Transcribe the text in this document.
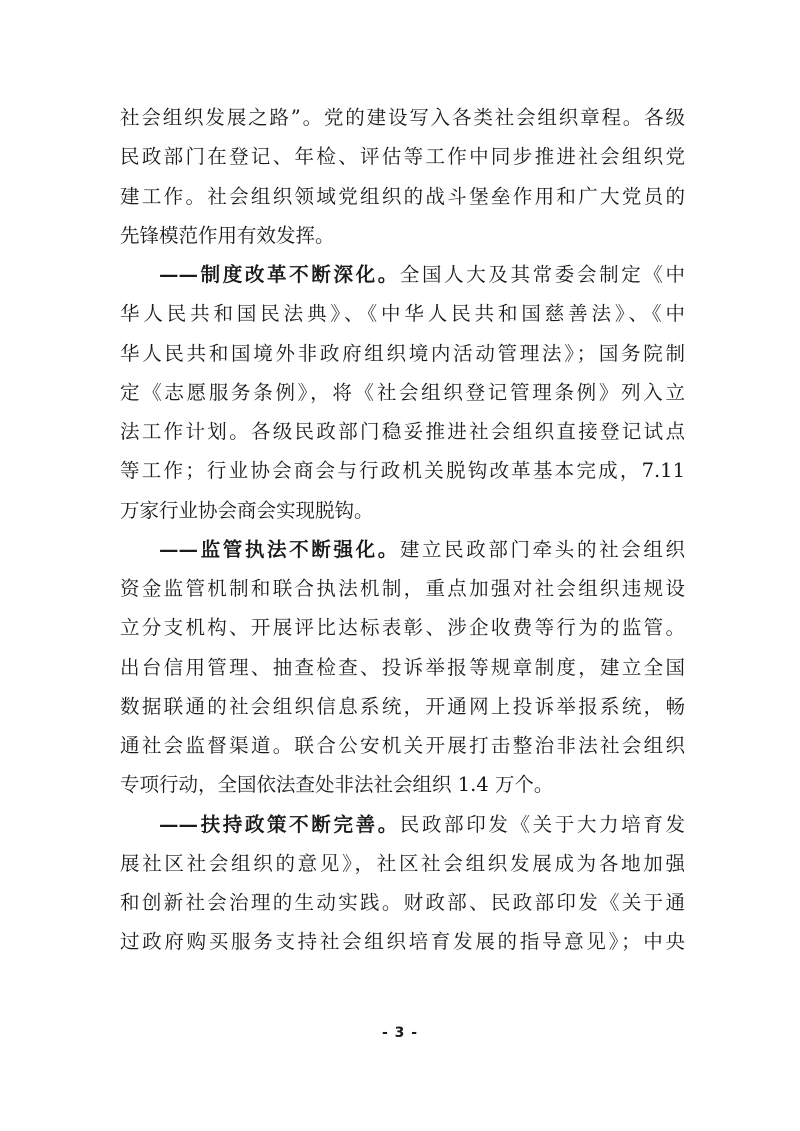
社会组织发展之路”。党的建设写入各类社会组织章程。各级
民政部门在登记、年检、评估等工作中同步推进社会组织党
建工作。社会组织领域党组织的战斗堡垒作用和广大党员的
先锋模范作用有效发挥。
——制度改革不断深化。全国人大及其常委会制定《中
华人民共和国民法典》、《中华人民共和国慈善法》、《中
华人民共和国境外非政府组织境内活动管理法》；国务院制
定《志愿服务条例》，将《社会组织登记管理条例》列入立
法工作计划。各级民政部门稳妥推进社会组织直接登记试点
等工作；行业协会商会与行政机关脱钩改革基本完成，7.11
万家行业协会商会实现脱钩。
——监管执法不断强化。建立民政部门牵头的社会组织
资金监管机制和联合执法机制，重点加强对社会组织违规设
立分支机构、开展评比达标表彰、涉企收费等行为的监管。
出台信用管理、抽查检查、投诉举报等规章制度，建立全国
数据联通的社会组织信息系统，开通网上投诉举报系统，畅
通社会监督渠道。联合公安机关开展打击整治非法社会组织
专项行动，全国依法查处非法社会组织 1.4 万个。
——扶持政策不断完善。民政部印发《关于大力培育发
展社区社会组织的意见》，社区社会组织发展成为各地加强
和创新社会治理的生动实践。财政部、民政部印发《关于通
过政府购买服务支持社会组织培育发展的指导意见》；中央
- 3 -
